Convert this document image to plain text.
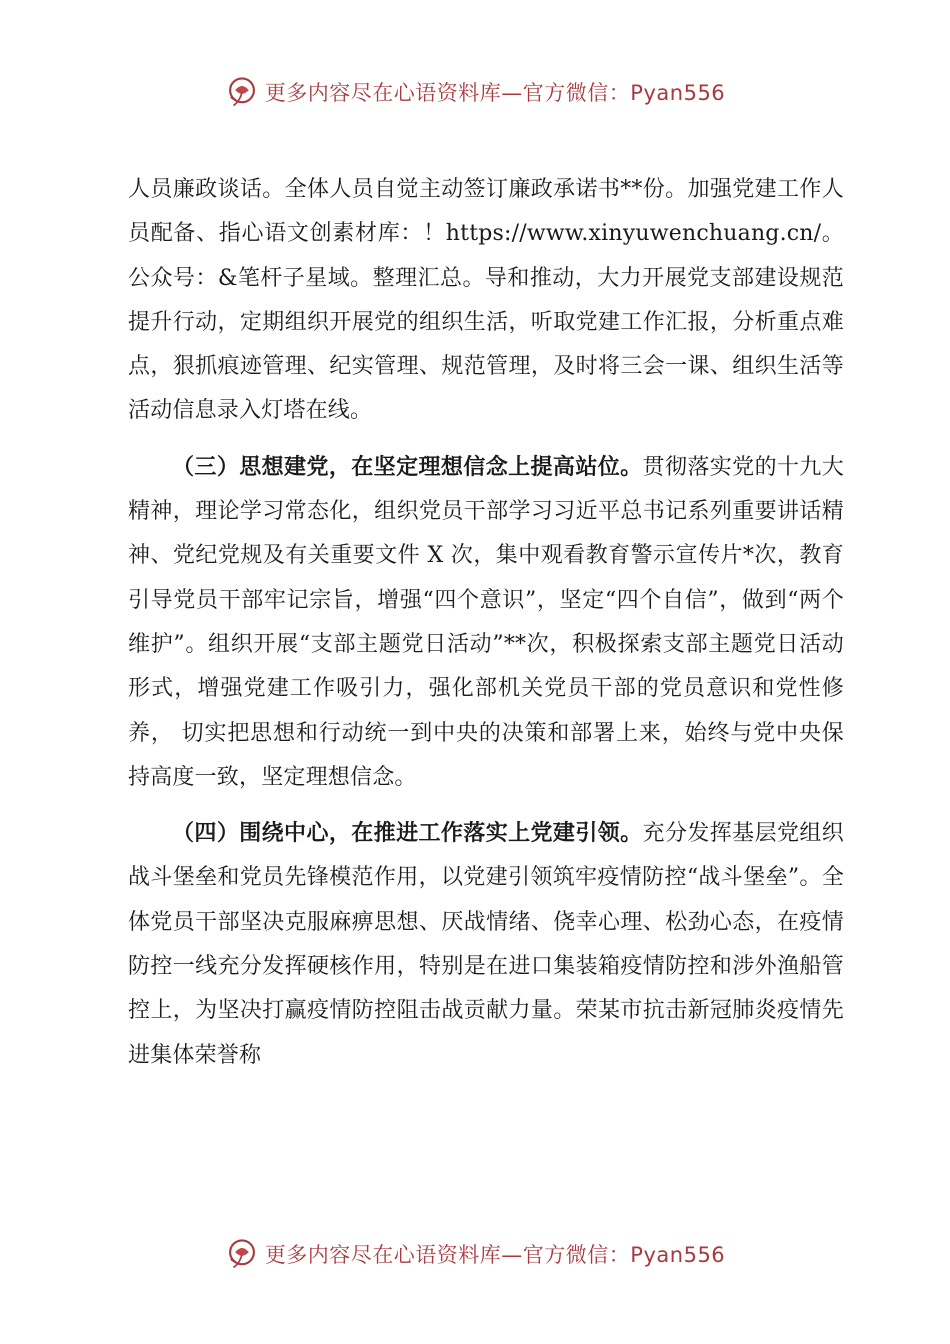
更多内容尽在心语资料库—官方微信：Pyan556

人员廉政谈话。全体人员自觉主动签订廉政承诺书**份。加强党建工作人员配备、指心语文创素材库：！https://www.xinyuwenchuang.cn/。公众号：&笔杆子星域。整理汇总。导和推动，大力开展党支部建设规范提升行动，定期组织开展党的组织生活，听取党建工作汇报，分析重点难点，狠抓痕迹管理、纪实管理、规范管理，及时将三会一课、组织生活等活动信息录入灯塔在线。

（三）思想建党，在坚定理想信念上提高站位。贯彻落实党的十九大精神，理论学习常态化，组织党员干部学习习近平总书记系列重要讲话精神、党纪党规及有关重要文件 X 次，集中观看教育警示宣传片*次，教育引导党员干部牢记宗旨，增强“四个意识”，坚定“四个自信”，做到“两个维护”。组织开展“支部主题党日活动”**次，积极探索支部主题党日活动形式，增强党建工作吸引力，强化部机关党员干部的党员意识和党性修养， 切实把思想和行动统一到中央的决策和部署上来，始终与党中央保持高度一致，坚定理想信念。

（四）围绕中心，在推进工作落实上党建引领。充分发挥基层党组织战斗堡垒和党员先锋模范作用，以党建引领筑牢疫情防控“战斗堡垒”。全体党员干部坚决克服麻痹思想、厌战情绪、侥幸心理、松劲心态，在疫情防控一线充分发挥硬核作用，特别是在进口集装箱疫情防控和涉外渔船管控上，为坚决打赢疫情防控阻击战贡献力量。荣某市抗击新冠肺炎疫情先进集体荣誉称

更多内容尽在心语资料库—官方微信：Pyan556
